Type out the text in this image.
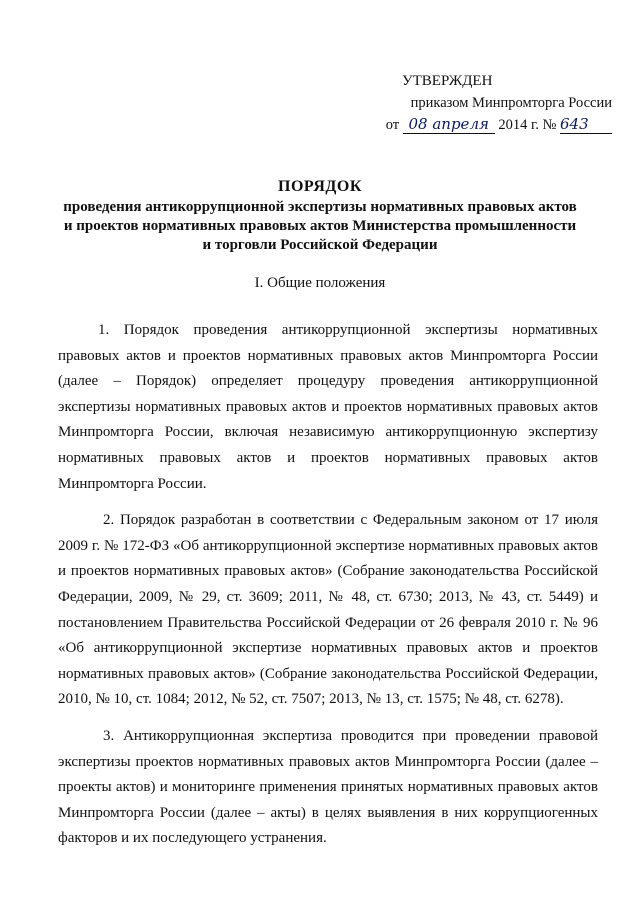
УТВЕРЖДЕН
приказом Минпромторга России
от 08 апреля 2014 г. № 643
ПОРЯДОК
проведения антикоррупционной экспертизы нормативных правовых актов и проектов нормативных правовых актов Министерства промышленности и торговли Российской Федерации
I. Общие положения

1. Порядок проведения антикоррупционной экспертизы нормативных правовых актов и проектов нормативных правовых актов Минпромторга России (далее – Порядок) определяет процедуру проведения антикоррупционной экспертизы нормативных правовых актов и проектов нормативных правовых актов Минпромторга России, включая независимую антикоррупционную экспертизу нормативных правовых актов и проектов нормативных правовых актов Минпромторга России.

2. Порядок разработан в соответствии с Федеральным законом от 17 июля 2009 г. № 172-ФЗ «Об антикоррупционной экспертизе нормативных правовых актов и проектов нормативных правовых актов» (Собрание законодательства Российской Федерации, 2009, № 29, ст. 3609; 2011, № 48, ст. 6730; 2013, № 43, ст. 5449) и постановлением Правительства Российской Федерации от 26 февраля 2010 г. № 96 «Об антикоррупционной экспертизе нормативных правовых актов и проектов нормативных правовых актов» (Собрание законодательства Российской Федерации, 2010, № 10, ст. 1084; 2012, № 52, ст. 7507; 2013, № 13, ст. 1575; № 48, ст. 6278).

3. Антикоррупционная экспертиза проводится при проведении правовой экспертизы проектов нормативных правовых актов Минпромторга России (далее – проекты актов) и мониторинге применения принятых нормативных правовых актов Минпромторга России (далее – акты) в целях выявления в них коррупциогенных факторов и их последующего устранения.
